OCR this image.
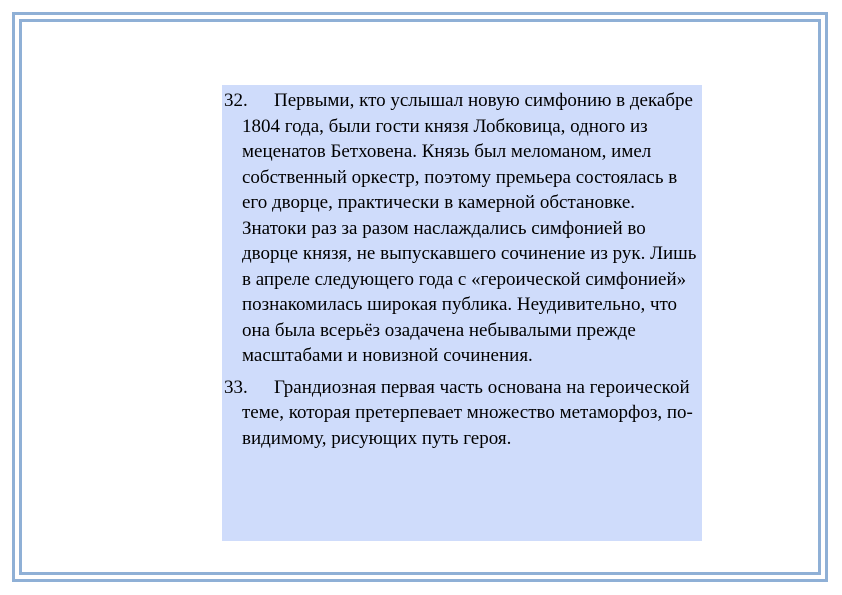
32. Первыми, кто услышал новую симфонию в декабре 1804 года, были гости князя Лобковица, одного из меценатов Бетховена. Князь был меломаном, имел собственный оркестр, поэтому премьера состоялась в его дворце, практически в камерной обстановке. Знатоки раз за разом наслаждались симфонией во дворце князя, не выпускавшего сочинение из рук. Лишь в апреле следующего года с «героической симфонией» познакомилась широкая публика. Неудивительно, что она была всерьёз озадачена небывалыми прежде масштабами и новизной сочинения.

33. Грандиозная первая часть основана на героической теме, которая претерпевает множество метаморфоз, по-видимому, рисующих путь героя.
